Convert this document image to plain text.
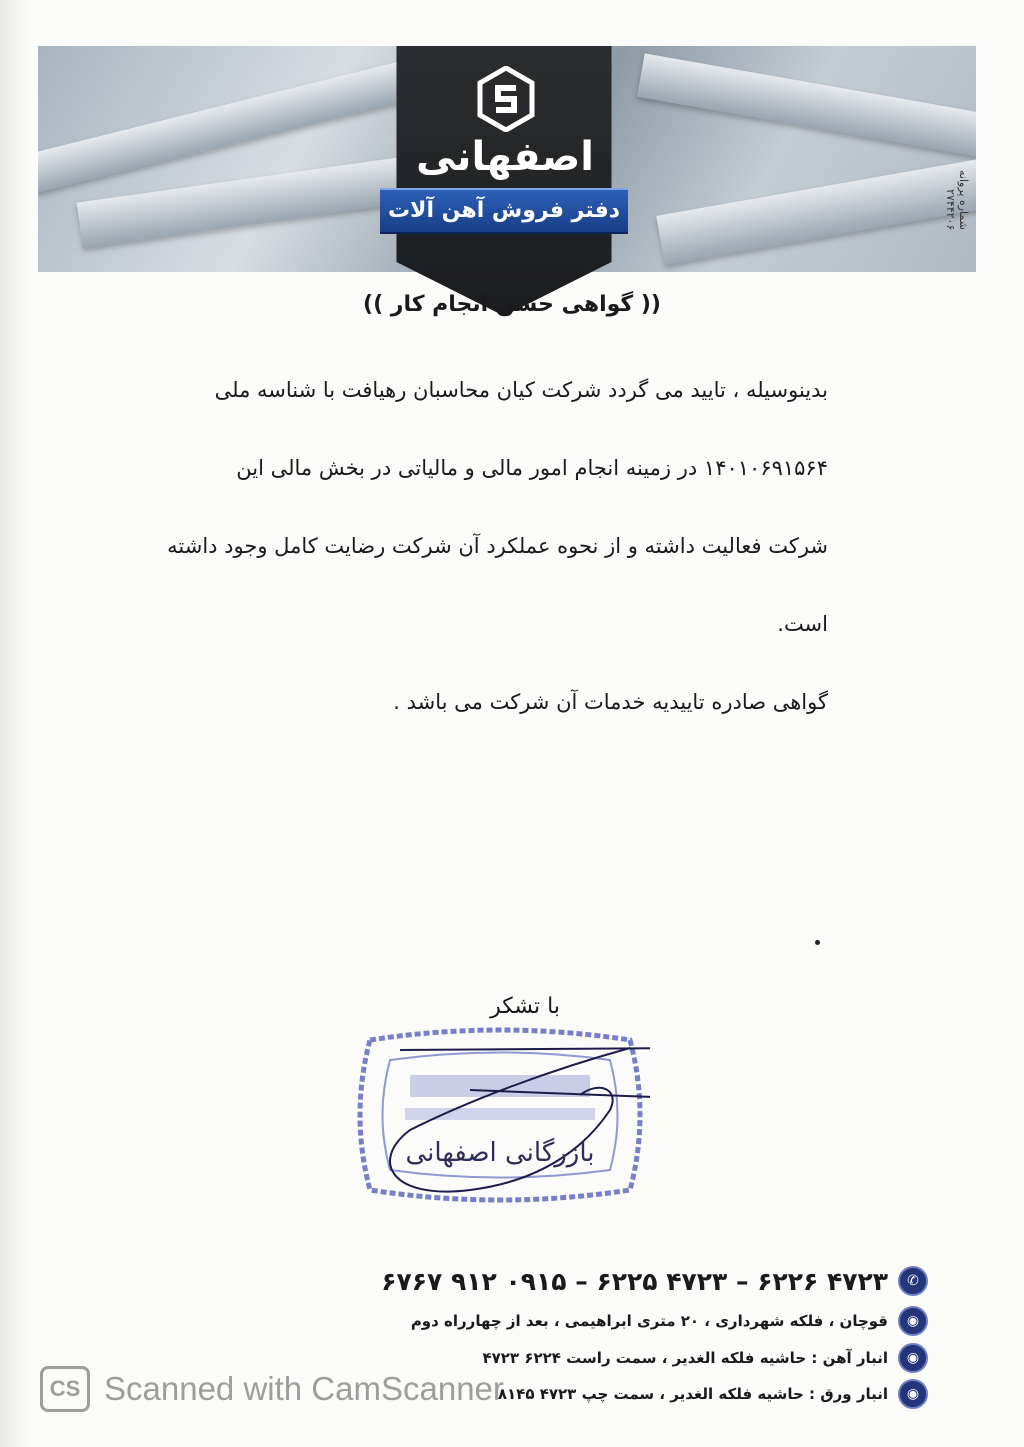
اصفهانی
دفتر فروش آهن آلات	شماره پروانه ۲۷۴۴۲۰۶
(( گواهی حسن انجام کار ))
بدینوسیله ، تایید می گردد شرکت کیان محاسبان رهیافت با شناسه ملی
۱۴۰۱۰۶۹۱۵۶۴ در زمینه انجام امور مالی و مالیاتی در بخش مالی این
شرکت فعالیت داشته و از نحوه عملکرد آن شرکت رضایت کامل وجود داشته
است.
گواهی صادره تاییدیه خدمات آن شرکت می باشد .
با تشکر
بازرگانی اصفهانی
✆
۴۷۲۳ ۶۲۲۶ – ۴۷۲۳ ۶۲۲۵ – ۰۹۱۵ ۹۱۲ ۶۷۶۷
◉
قوچان ، فلکه شهرداری ، ۲۰ متری ابراهیمی ، بعد از چهارراه دوم
◉
انبار آهن : حاشیه فلکه الغدیر ، سمت راست ۶۲۲۴ ۴۷۲۳
◉
انبار ورق : حاشیه فلکه الغدیر ، سمت چپ ۴۷۲۳ ۸۱۴۵
CS Scanned with CamScanner
